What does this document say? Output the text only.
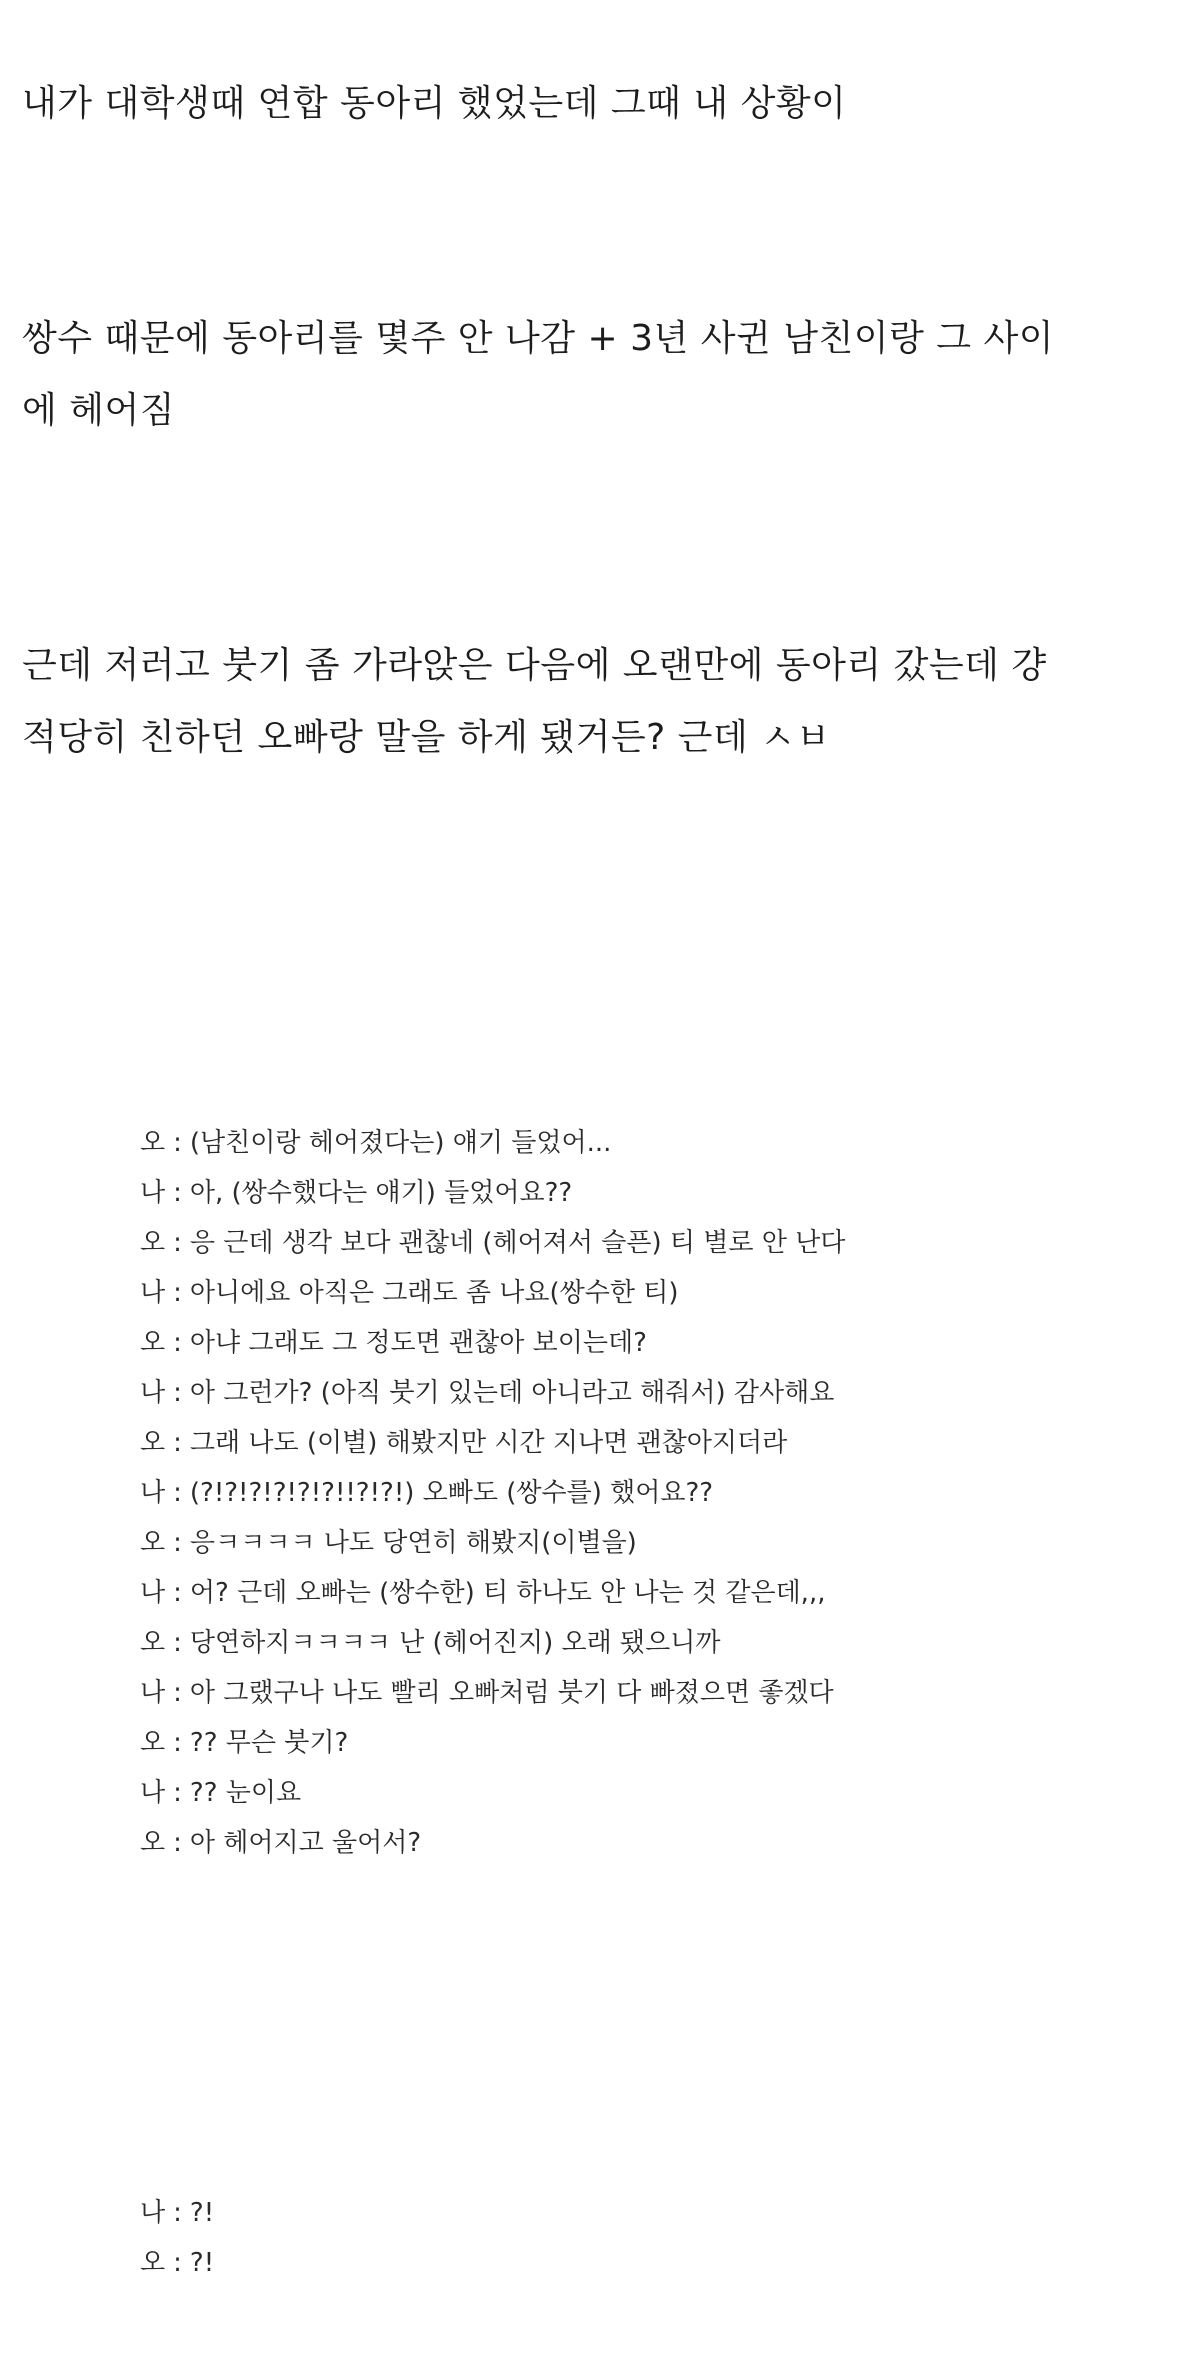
내가 대학생때 연합 동아리 했었는데 그때 내 상황이

쌍수 때문에 동아리를 몇주 안 나감 + 3년 사귄 남친이랑 그 사이
에 헤어짐

근데 저러고 붓기 좀 가라앉은 다음에 오랜만에 동아리 갔는데 걍
적당히 친하던 오빠랑 말을 하게 됐거든? 근데 ㅅㅂ

오 : (남친이랑 헤어졌다는) 얘기 들었어...
나 : 아, (쌍수했다는 얘기) 들었어요??
오 : 응 근데 생각 보다 괜찮네 (헤어져서 슬픈) 티 별로 안 난다
나 : 아니에요 아직은 그래도 좀 나요(쌍수한 티)
오 : 아냐 그래도 그 정도면 괜찮아 보이는데?
나 : 아 그런가? (아직 붓기 있는데 아니라고 해줘서) 감사해요
오 : 그래 나도 (이별) 해봤지만 시간 지나면 괜찮아지더라
나 : (?!?!?!?!?!?!!?!?!) 오빠도 (쌍수를) 했어요??
오 : 응ㅋㅋㅋㅋ 나도 당연히 해봤지(이별을)
나 : 어? 근데 오빠는 (쌍수한) 티 하나도 안 나는 것 같은데,,,
오 : 당연하지ㅋㅋㅋㅋ 난 (헤어진지) 오래 됐으니까
나 : 아 그랬구나 나도 빨리 오빠처럼 붓기 다 빠졌으면 좋겠다
오 : ?? 무슨 붓기?
나 : ?? 눈이요
오 : 아 헤어지고 울어서?
나 : ?!
오 : ?!
